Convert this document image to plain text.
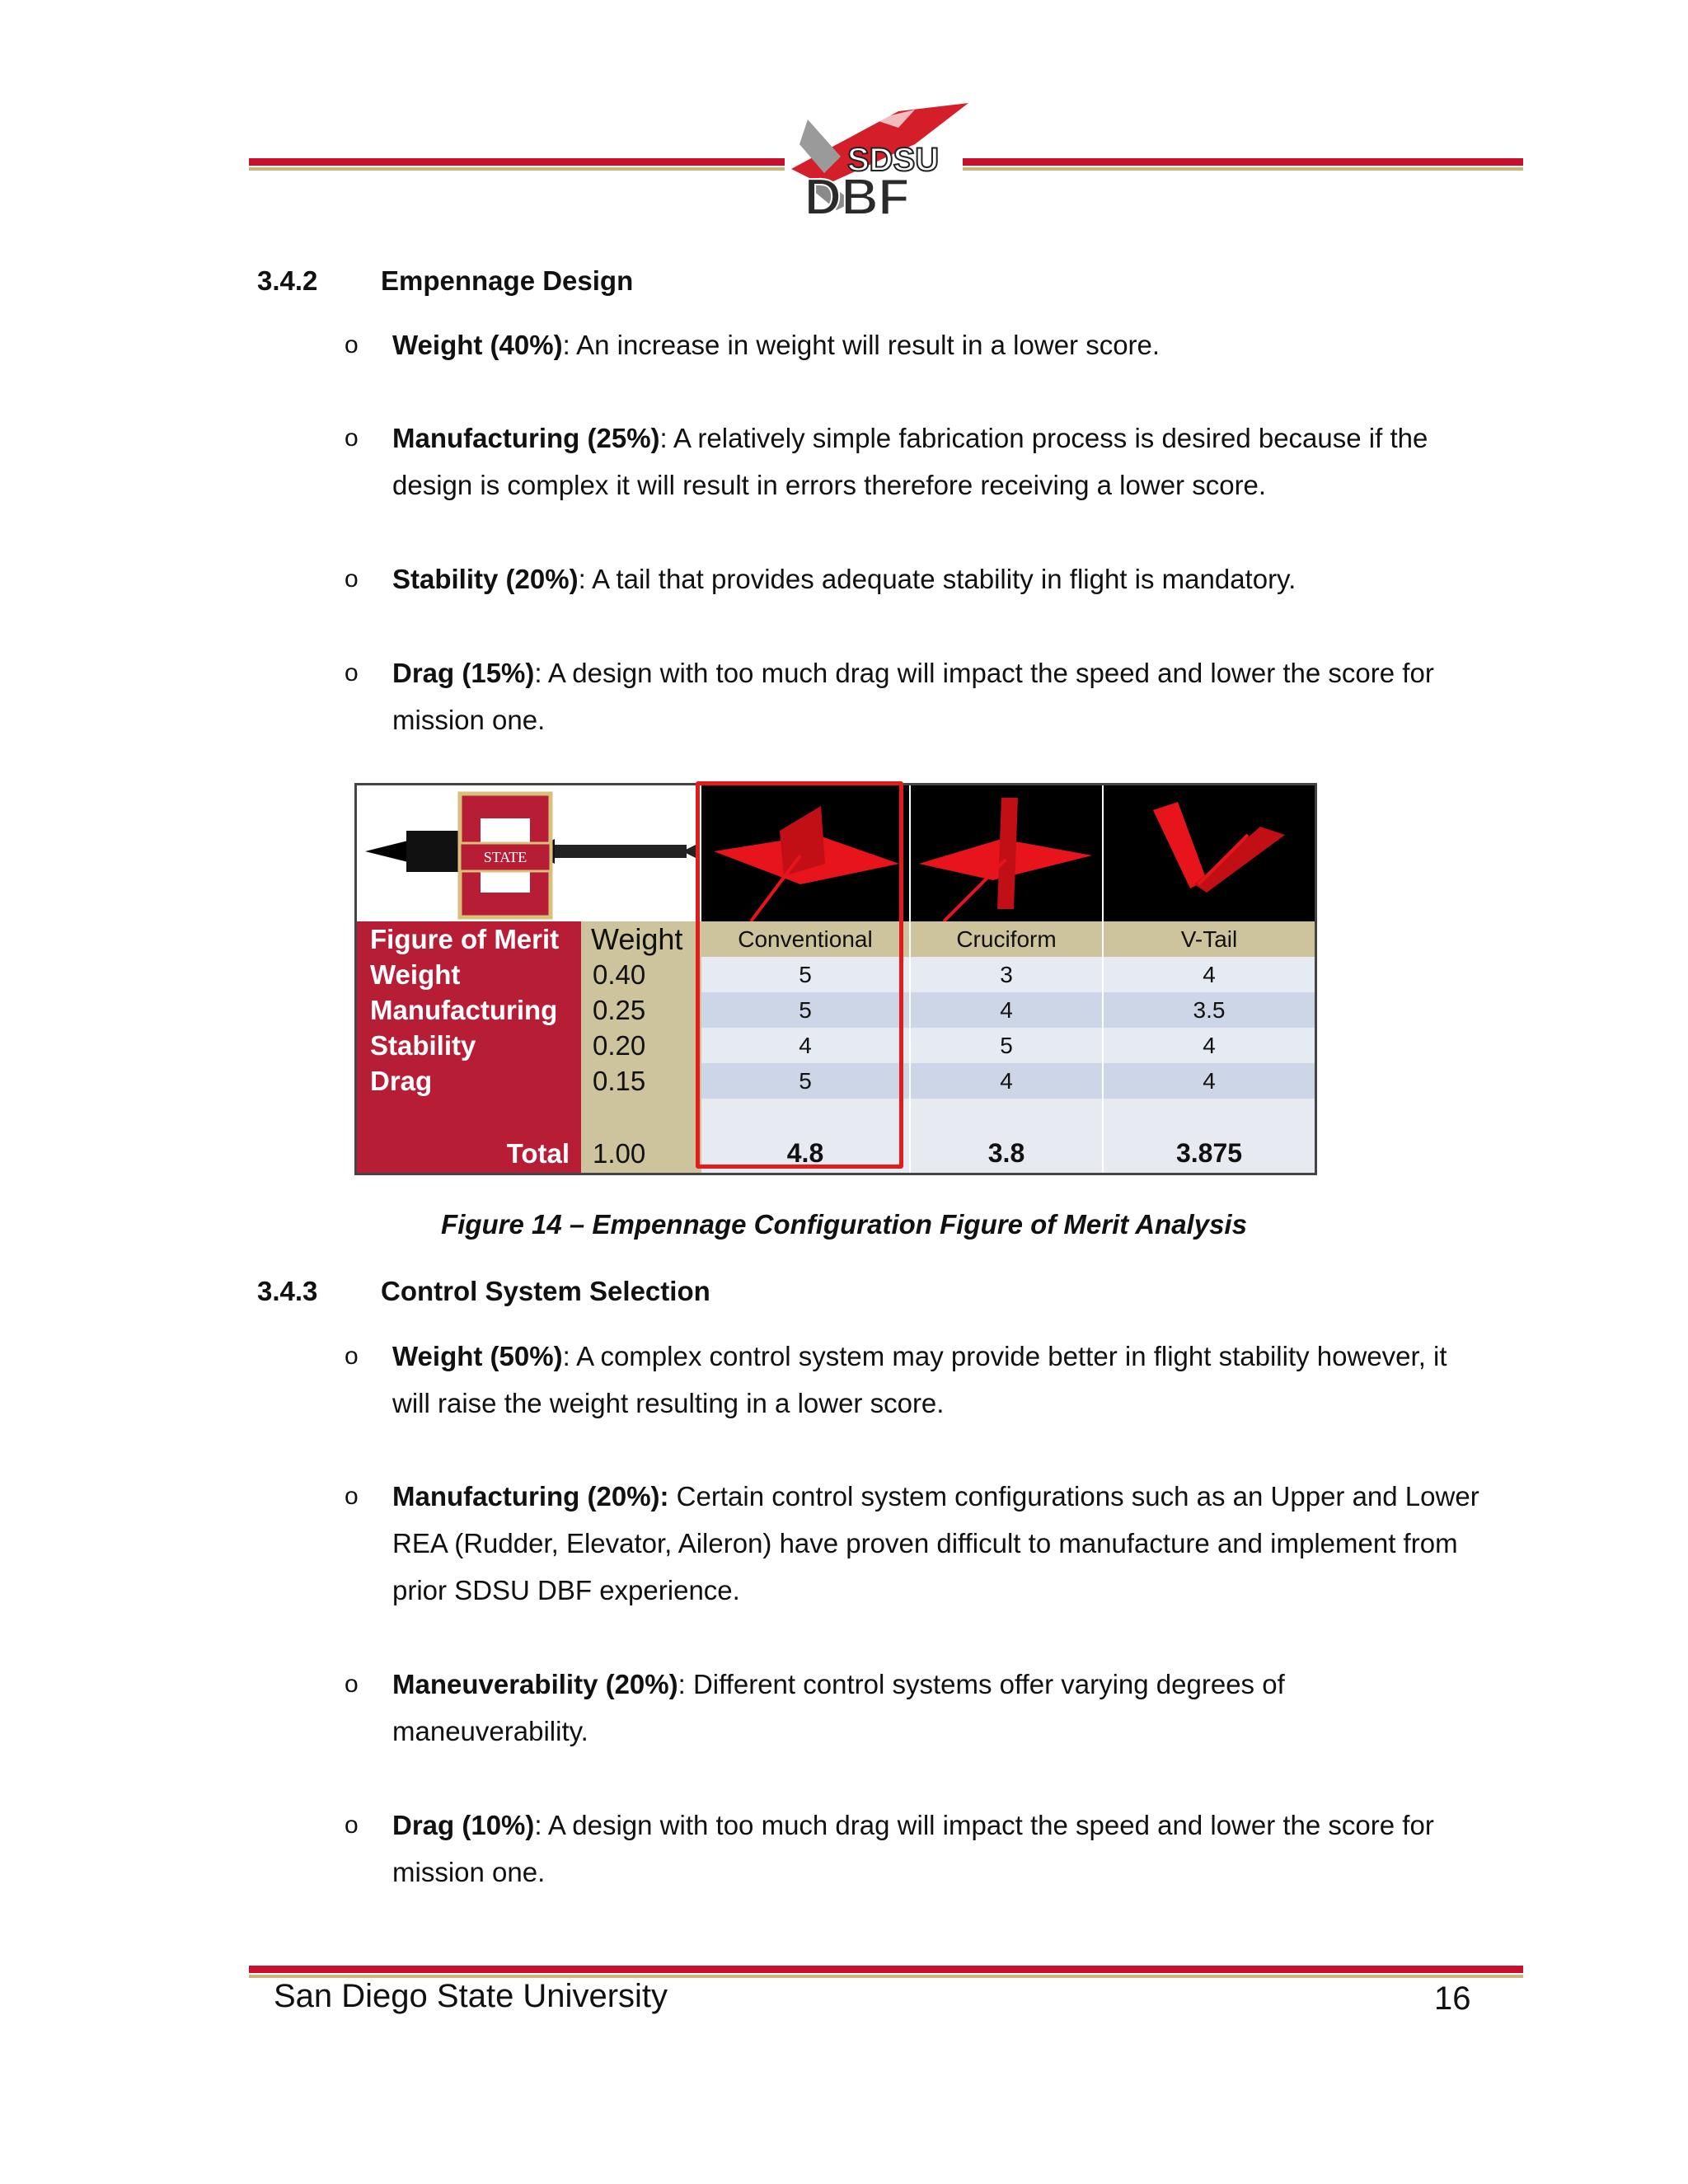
SDSU
DBF
3.4.2 Empennage Design
o Weight (40%): An increase in weight will result in a lower score.
o Manufacturing (25%): A relatively simple fabrication process is desired because if the design is complex it will result in errors therefore receiving a lower score.
o Stability (20%): A tail that provides adequate stability in flight is mandatory.
o Drag (15%): A design with too much drag will impact the speed and lower the score for mission one.
STATE
Figure of Merit
Weight
Manufacturing
Stability
Drag
Total
Weight
0.40
0.25
0.20
0.15
1.00
Conventional
5
5
4
5
4.8
Cruciform
3
4
5
4
3.8
V-Tail
4
3.5
4
4
3.875
Figure 14 – Empennage Configuration Figure of Merit Analysis
3.4.3 Control System Selection
o Weight (50%): A complex control system may provide better in flight stability however, it will raise the weight resulting in a lower score.
o Manufacturing (20%): Certain control system configurations such as an Upper and Lower REA (Rudder, Elevator, Aileron) have proven difficult to manufacture and implement from prior SDSU DBF experience.
o Maneuverability (20%): Different control systems offer varying degrees of maneuverability.
o Drag (10%): A design with too much drag will impact the speed and lower the score for mission one.
San Diego State University	16
